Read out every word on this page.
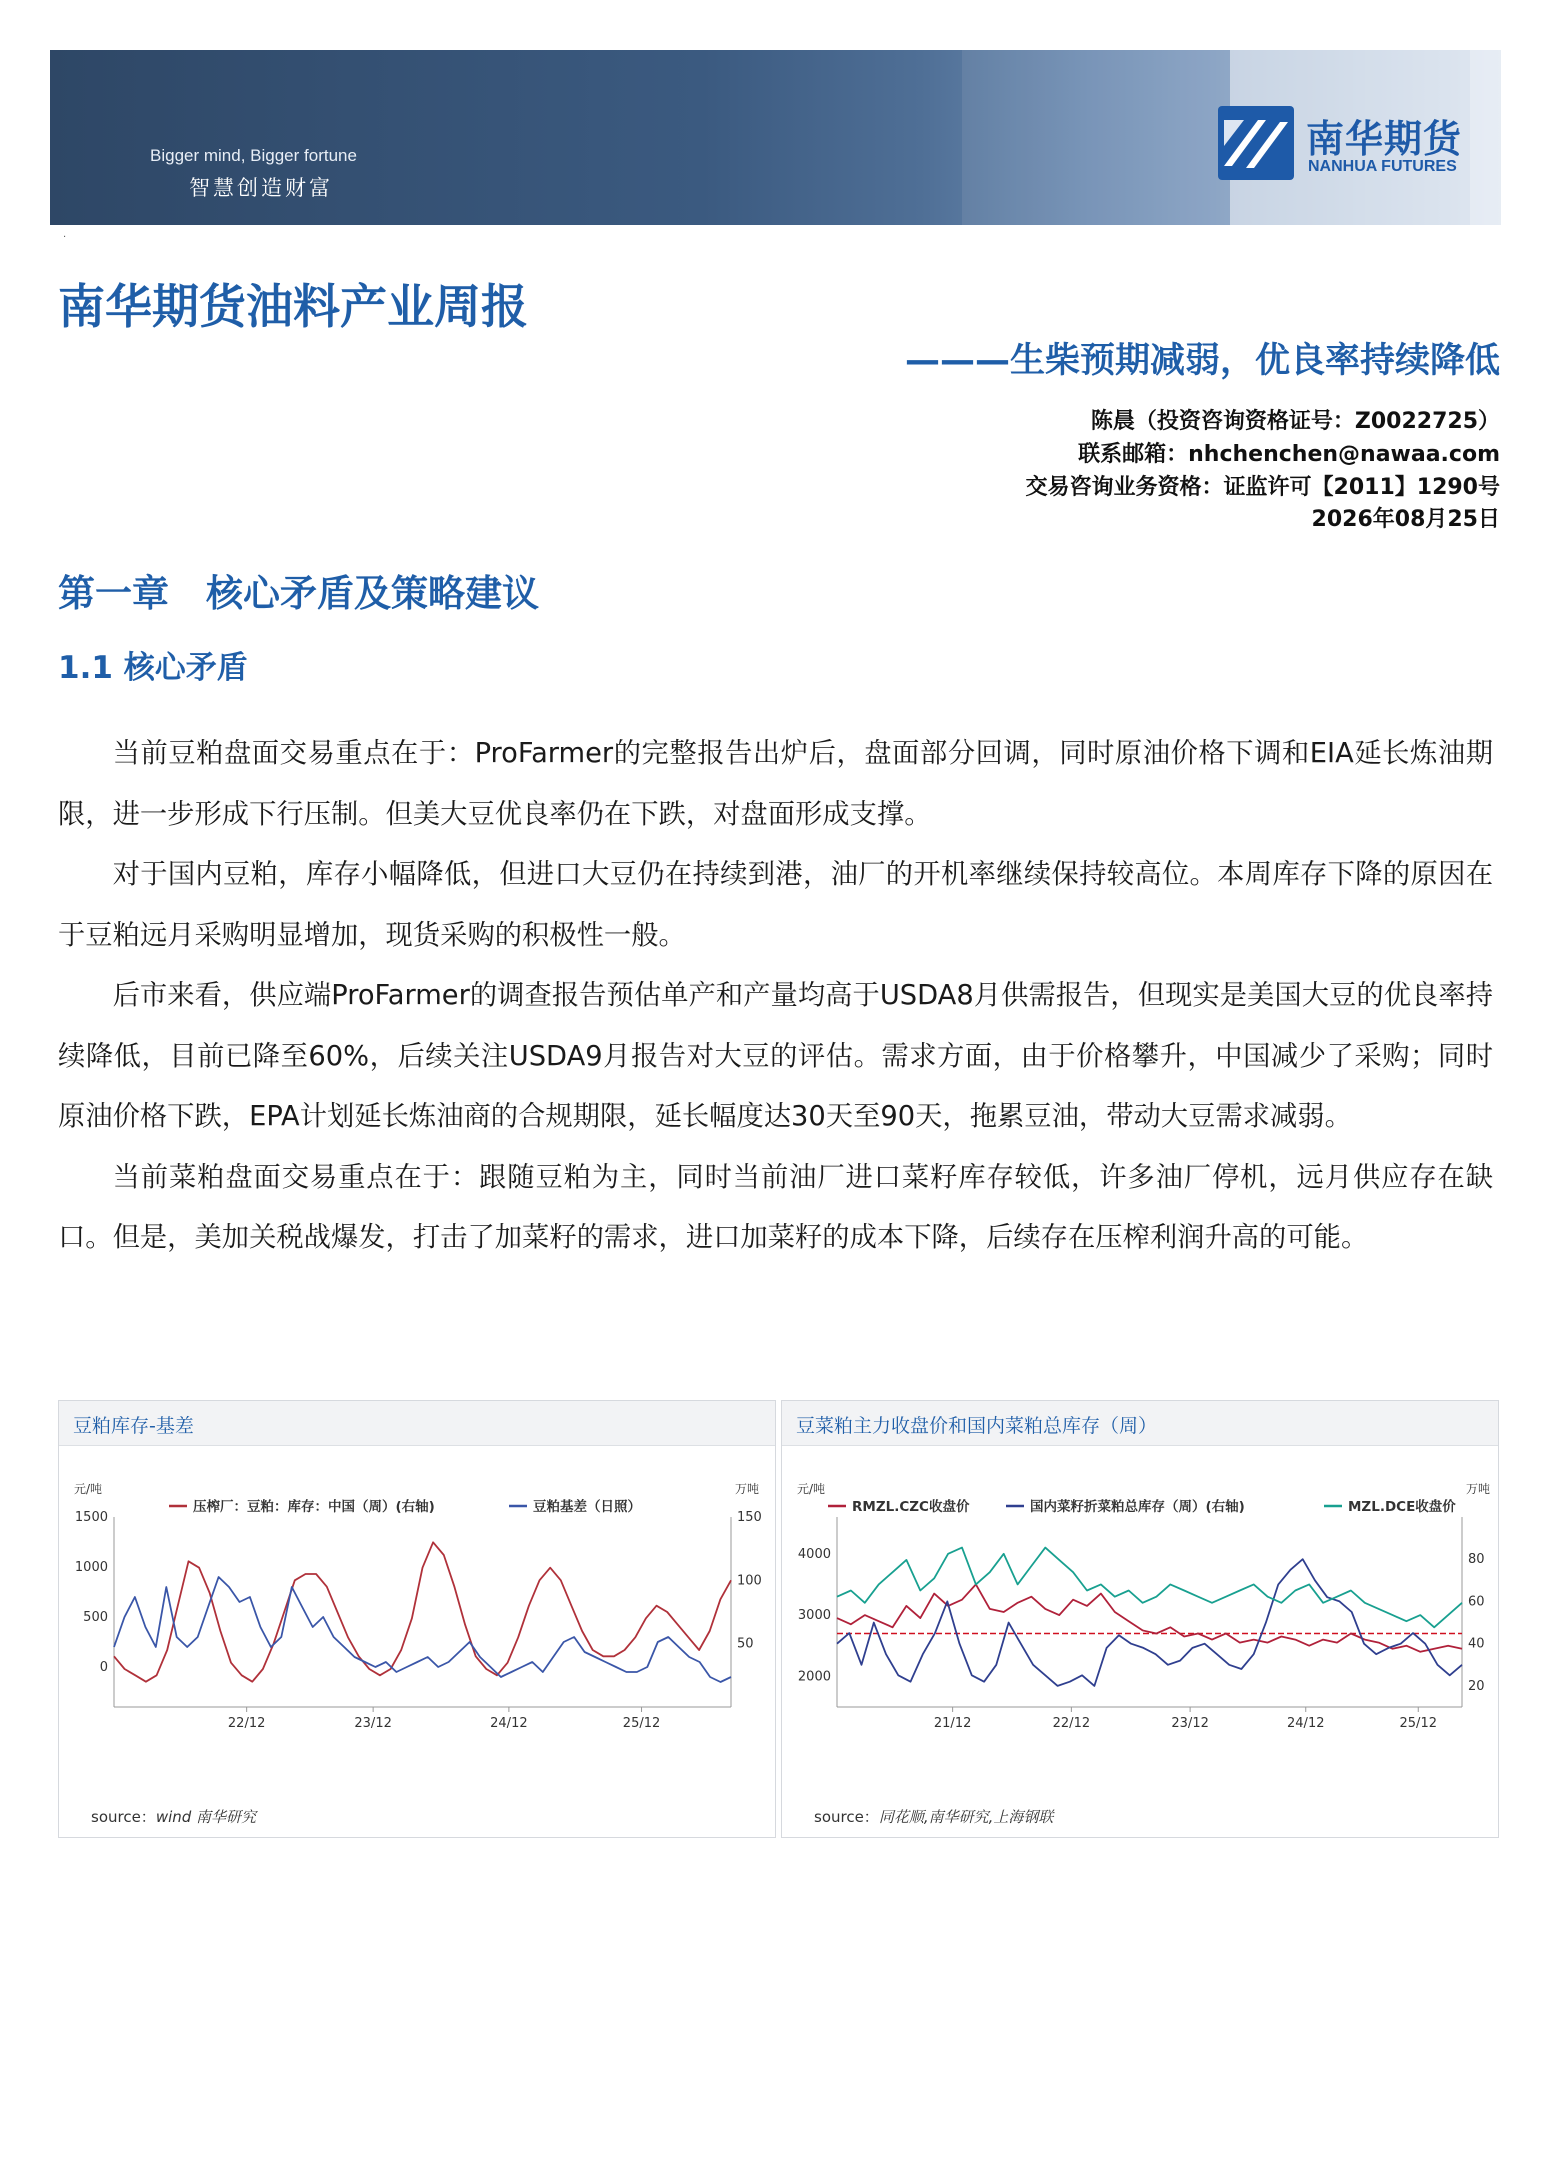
Bigger mind, Bigger fortune
智慧创造财富
南华期货
NANHUA FUTURES
·
南华期货油料产业周报
———生柴预期减弱，优良率持续降低
陈晨（投资咨询资格证号：Z0022725）
联系邮箱：nhchenchen@nawaa.com
交易咨询业务资格：证监许可【2011】1290号
2026年08月25日
第一章　核心矛盾及策略建议
1.1 核心矛盾

当前豆粕盘面交易重点在于：ProFarmer的完整报告出炉后，盘面部分回调，同时原油价格下调和EIA延长炼油期限，进一步形成下行压制。但美大豆优良率仍在下跌，对盘面形成支撑。

对于国内豆粕，库存小幅降低，但进口大豆仍在持续到港，油厂的开机率继续保持较高位。本周库存下降的原因在于豆粕远月采购明显增加，现货采购的积极性一般。

后市来看，供应端ProFarmer的调查报告预估单产和产量均高于USDA8月供需报告，但现实是美国大豆的优良率持续降低，目前已降至60%，后续关注USDA9月报告对大豆的评估。需求方面，由于价格攀升，中国减少了采购；同时原油价格下跌，EPA计划延长炼油商的合规期限，延长幅度达30天至90天，拖累豆油，带动大豆需求减弱。

当前菜粕盘面交易重点在于：跟随豆粕为主，同时当前油厂进口菜籽库存较低，许多油厂停机，远月供应存在缺口。但是，美加关税战爆发，打击了加菜籽的需求，进口加菜籽的成本下降，后续存在压榨利润升高的可能。

豆粕库存-基差
元/吨	万吨
1500
1000
500
0
150
100
50
22/12	23/12	24/12	25/12
压榨厂：豆粕：库存：中国（周）(右轴)	豆粕基差（日照）
source：wind 南华研究
豆菜粕主力收盘价和国内菜粕总库存（周）
元/吨	万吨
4000
3000
2000
80
60
40
20
21/12	22/12	23/12	24/12	25/12
RMZL.CZC收盘价	国内菜籽折菜粕总库存（周）(右轴)	MZL.DCE收盘价
source：同花顺,南华研究,上海钢联
